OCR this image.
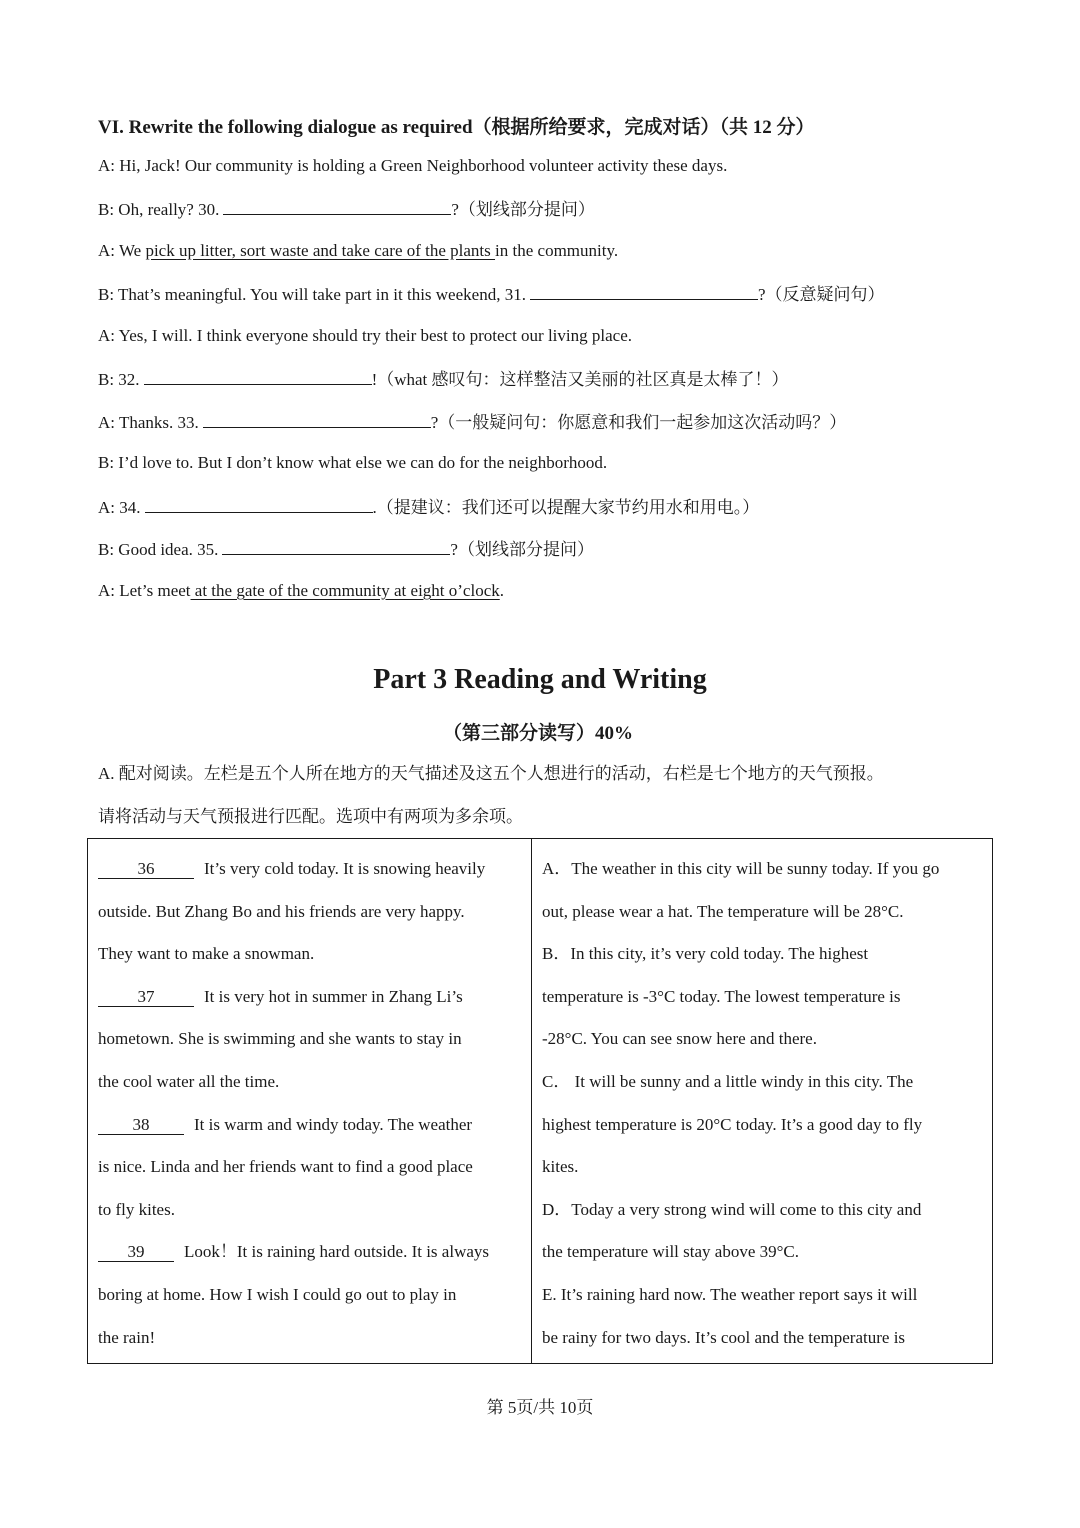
VI. Rewrite the following dialogue as required（根据所给要求，完成对话）（共 12 分）
A: Hi, Jack! Our community is holding a Green Neighborhood volunteer activity these days.
B: Oh, really? 30.	?（划线部分提问）
A: We pick up litter, sort waste and take care of the plants in the community.
B: That’s meaningful. You will take part in it this weekend, 31.	?（反意疑问句）
A: Yes, I will. I think everyone should try their best to protect our living place.
B: 32.	!（what 感叹句：这样整洁又美丽的社区真是太棒了！）
A: Thanks. 33.	?（一般疑问句：你愿意和我们一起参加这次活动吗？）
B: I’d love to. But I don’t know what else we can do for the neighborhood.
A: 34.	.（提建议：我们还可以提醒大家节约用水和用电。）
B: Good idea. 35.	?（划线部分提问）
A: Let’s meet at the gate of the community at eight o’clock.
Part 3 Reading and Writing
（第三部分读写）40%
A. 配对阅读。左栏是五个人所在地方的天气描述及这五个人想进行的活动，右栏是七个地方的天气预报。
请将活动与天气预报进行匹配。选项中有两项为多余项。
36	It’s very cold today. It is snowing heavily
outside. But Zhang Bo and his friends are very happy.
They want to make a snowman.
37	It is very hot in summer in Zhang Li’s
hometown. She is swimming and she wants to stay in
the cool water all the time.
38	It is warm and windy today. The weather
is nice. Linda and her friends want to find a good place
to fly kites.
39 Look！It is raining hard outside. It is always
boring at home. How I wish I could go out to play in
the rain!
A．The weather in this city will be sunny today. If you go
out, please wear a hat. The temperature will be 28°C.
B．In this city, it’s very cold today. The highest
temperature is -3°C today. The lowest temperature is
-28°C. You can see snow here and there.
C． It will be sunny and a little windy in this city. The
highest temperature is 20°C today. It’s a good day to fly
kites.
D．Today a very strong wind will come to this city and
the temperature will stay above 39°C.
E. It’s raining hard now. The weather report says it will
be rainy for two days. It’s cool and the temperature is
第 5页/共 10页
